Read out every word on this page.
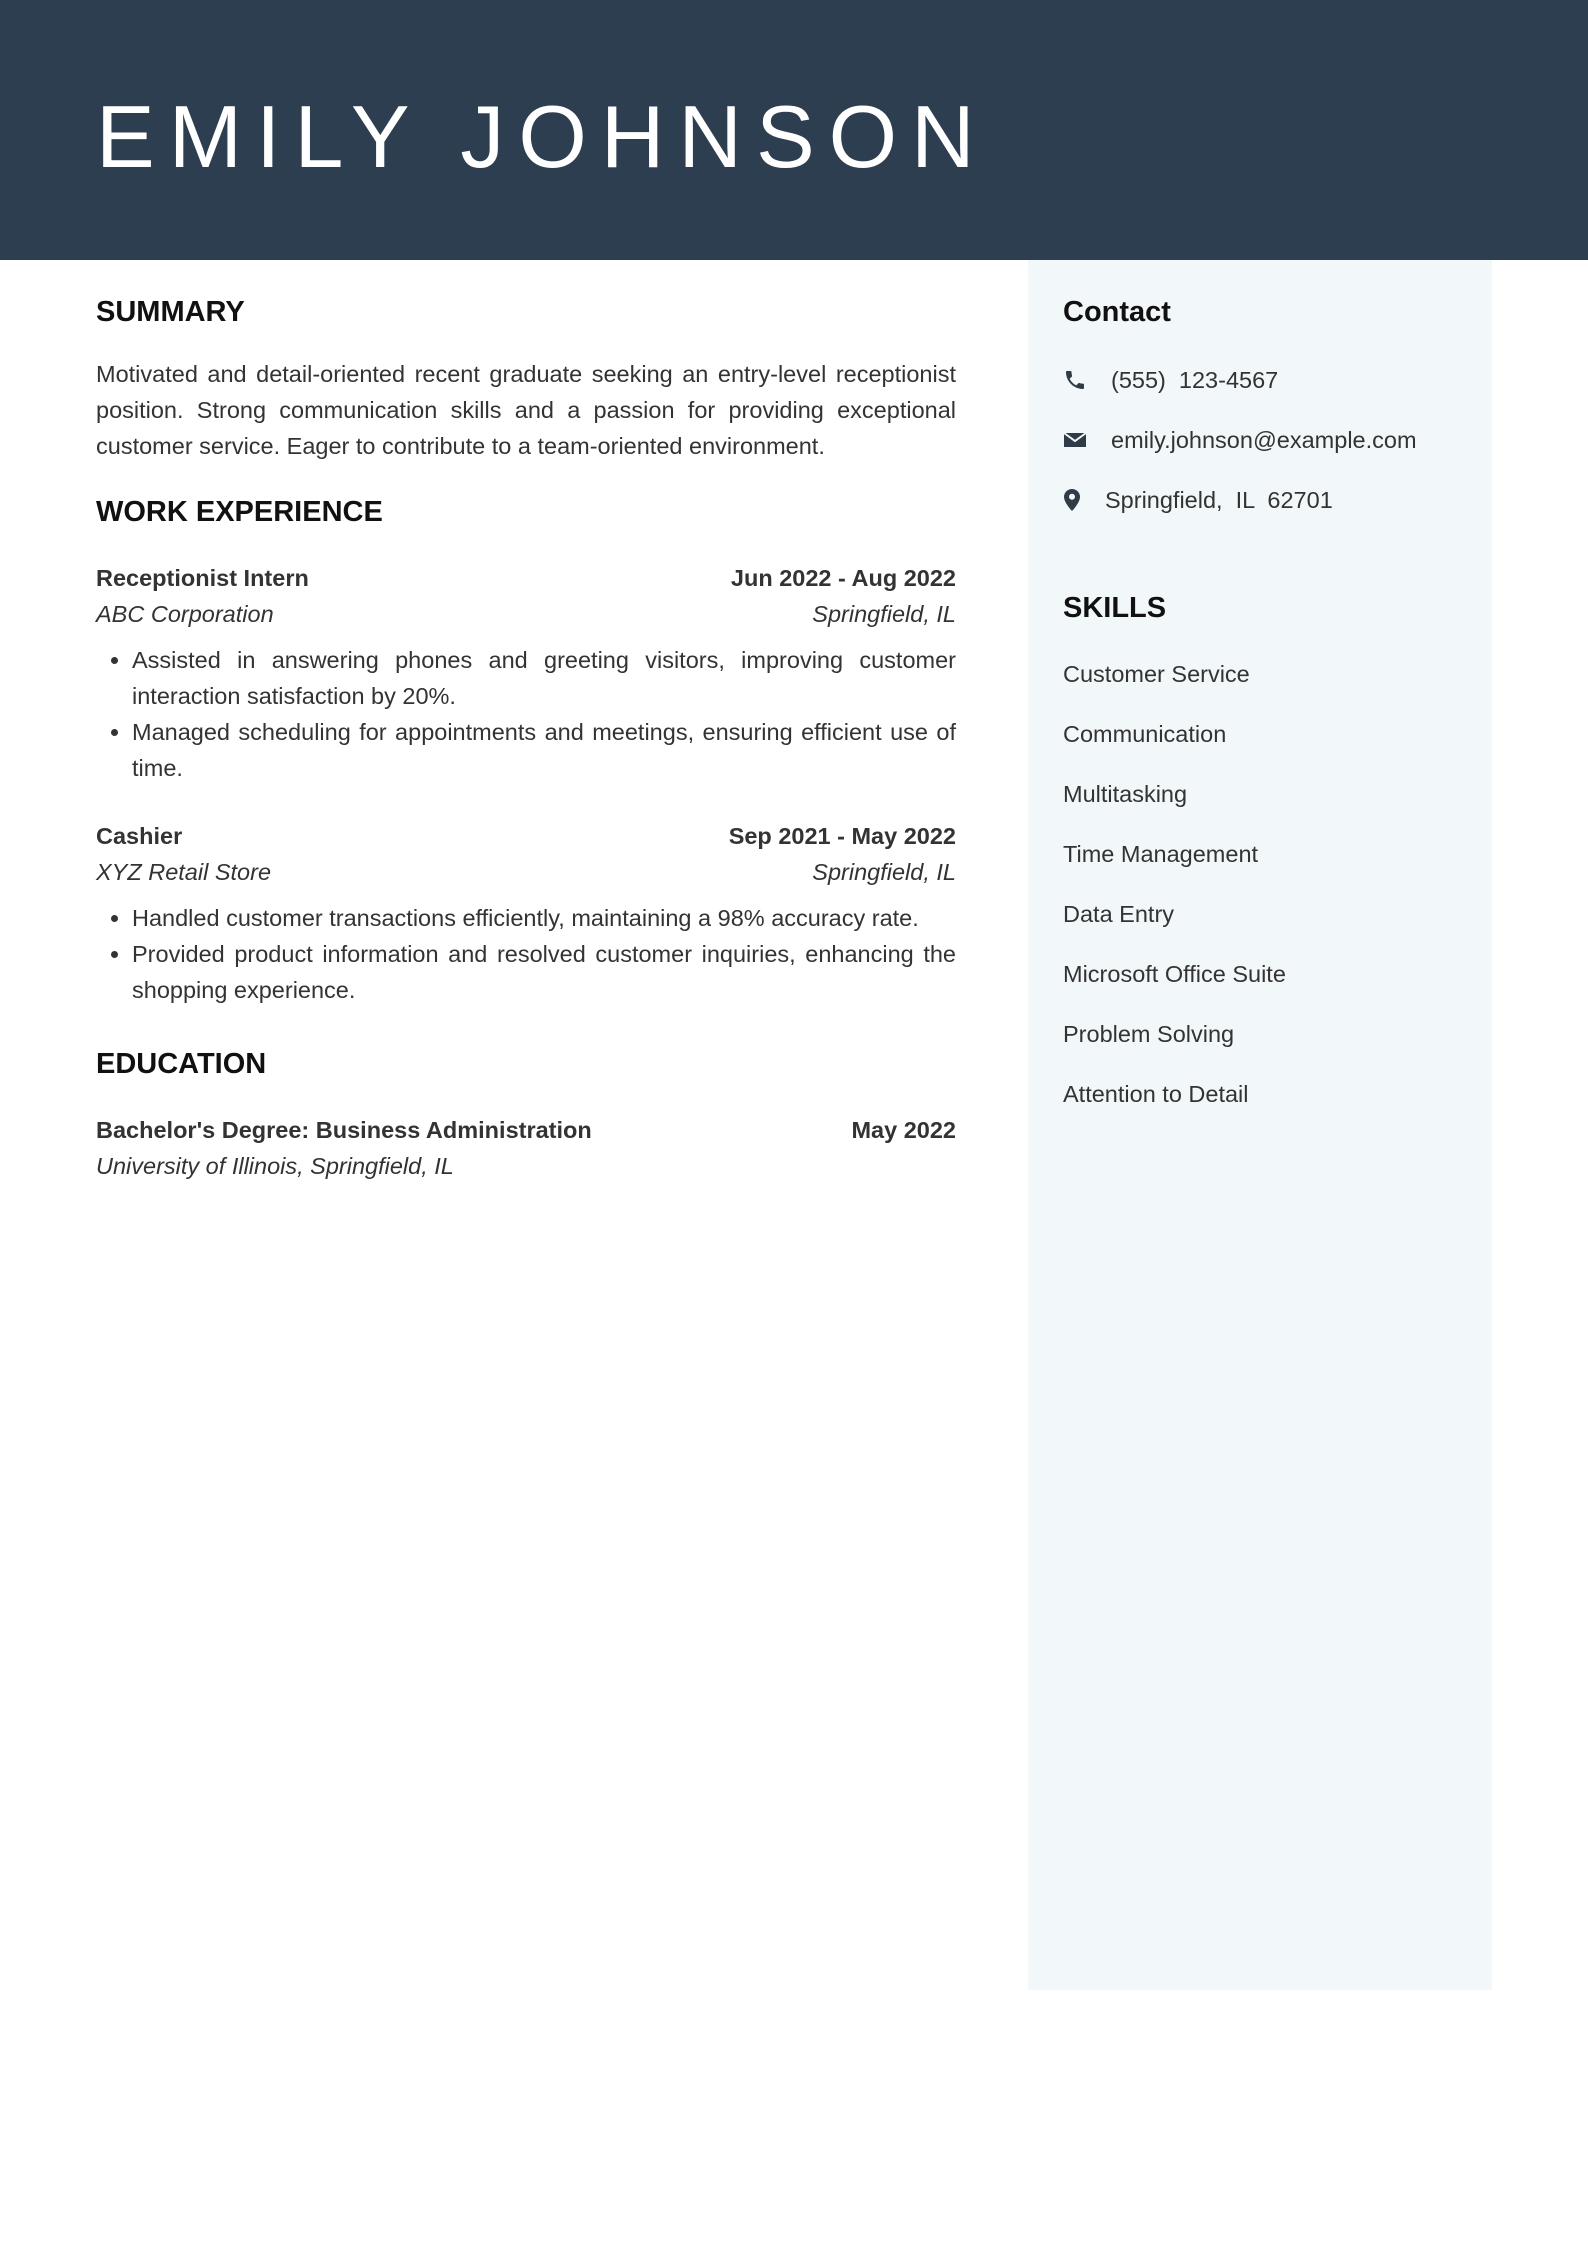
EMILY JOHNSON
SUMMARY

Motivated and detail-oriented recent graduate seeking an entry-level receptionist position. Strong communication skills and a passion for providing exceptional customer service. Eager to contribute to a team-oriented environment.

WORK EXPERIENCE
Receptionist Intern	Jun 2022 - Aug 2022
ABC Corporation	Springfield, IL
• Assisted in answering phones and greeting visitors, improving customer interaction satisfaction by 20%.
• Managed scheduling for appointments and meetings, ensuring efficient use of time.
Cashier	Sep 2021 - May 2022
XYZ Retail Store	Springfield, IL
• Handled customer transactions efficiently, maintaining a 98% accuracy rate.
• Provided product information and resolved customer inquiries, enhancing the shopping experience.
EDUCATION
Bachelor's Degree: Business Administration	May 2022
University of Illinois, Springfield, IL
Contact
(555)  123-4567
emily.johnson@example.com
Springfield,  IL  62701
SKILLS
Customer Service
Communication
Multitasking
Time Management
Data Entry
Microsoft Office Suite
Problem Solving
Attention to Detail
